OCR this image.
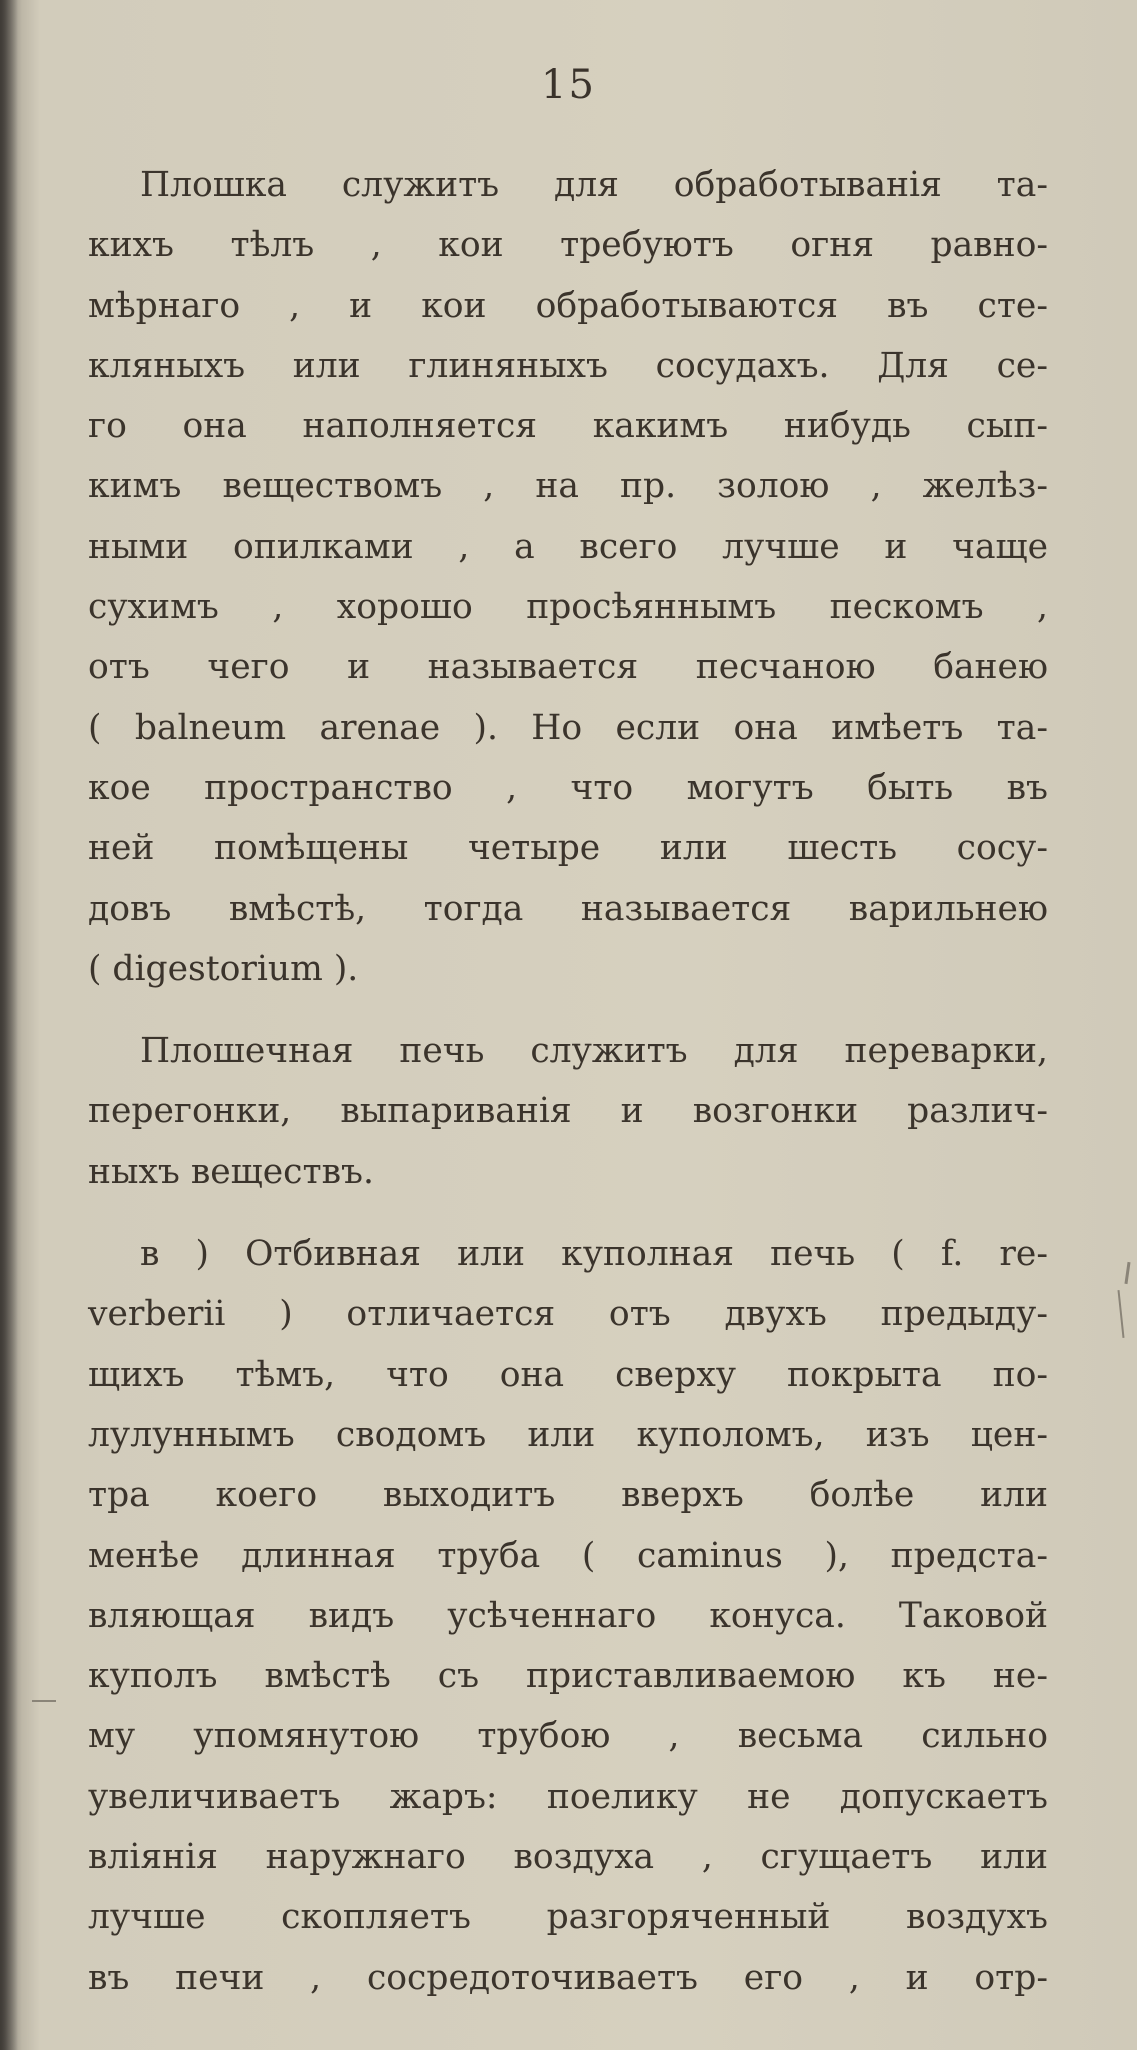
15
Плошка служитъ для обработыванія та-
кихъ тѣлъ , кои требуютъ огня равно-
мѣрнаго , и кои обработываются въ сте-
кляныхъ или глиняныхъ сосудахъ. Для се-
го она наполняется какимъ нибудь сып-
кимъ веществомъ , на пр. золою , желѣз-
ными опилками , а всего лучше и чаще
сухимъ , хорошо просѣяннымъ пескомъ ,
отъ чего и называется песчаною банею
( balneum arenae ). Но если она имѣетъ та-
кое пространство , что могутъ быть въ
ней помѣщены четыре или шесть сосу-
довъ вмѣстѣ, тогда называется варильнею
( digestorium ).
Плошечная печь служитъ для переварки,
перегонки, выпариванія и возгонки различ-
ныхъ веществъ.
в ) Отбивная или куполная печь ( f. re-
verberii ) отличается отъ двухъ предыду-
щихъ тѣмъ, что она сверху покрыта по-
лулуннымъ сводомъ или куполомъ, изъ цен-
тра коего выходитъ вверхъ болѣе или
менѣе длинная труба ( caminus ), предста-
вляющая видъ усѣченнаго конуса. Таковой
куполъ вмѣстѣ съ приставливаемою къ не-
му упомянутою трубою , весьма сильно
увеличиваетъ жаръ: поелику не допускаетъ
вліянія наружнаго воздуха , сгущаетъ или
лучше скопляетъ разгоряченный воздухъ
въ печи , сосредоточиваетъ его , и отр-
